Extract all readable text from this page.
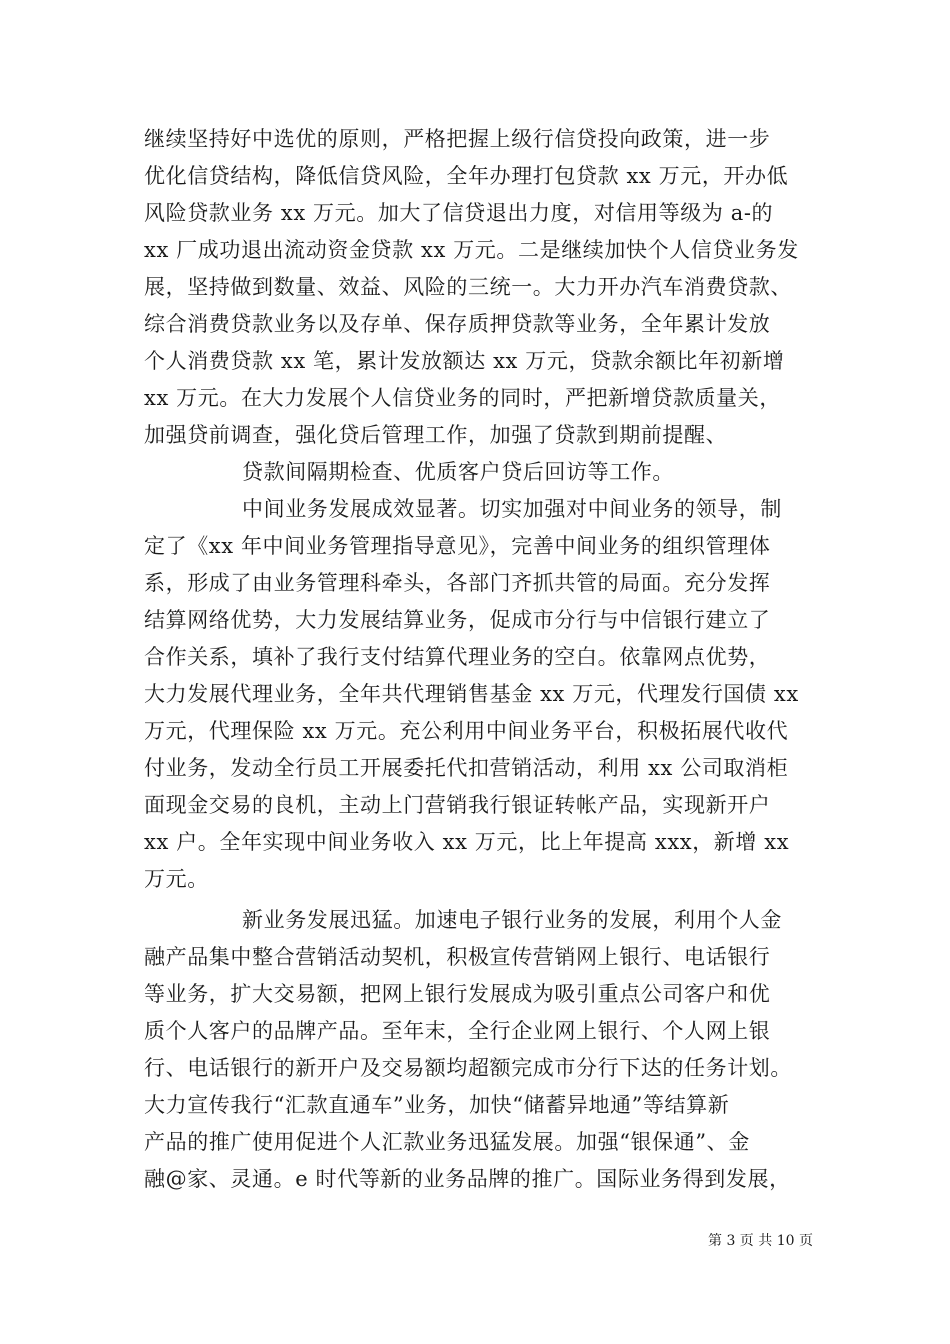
继续坚持好中选优的原则，严格把握上级行信贷投向政策，进一步
优化信贷结构，降低信贷风险，全年办理打包贷款 xx 万元，开办低
风险贷款业务 xx 万元。加大了信贷退出力度，对信用等级为 a-的
xx 厂成功退出流动资金贷款 xx 万元。二是继续加快个人信贷业务发
展，坚持做到数量、效益、风险的三统一。大力开办汽车消费贷款、
综合消费贷款业务以及存单、保存质押贷款等业务，全年累计发放
个人消费贷款 xx 笔，累计发放额达 xx 万元，贷款余额比年初新增
xx 万元。在大力发展个人信贷业务的同时，严把新增贷款质量关，
加强贷前调查，强化贷后管理工作，加强了贷款到期前提醒、
贷款间隔期检查、优质客户贷后回访等工作。
中间业务发展成效显著。切实加强对中间业务的领导，制
定了《xx 年中间业务管理指导意见》，完善中间业务的组织管理体
系，形成了由业务管理科牵头，各部门齐抓共管的局面。充分发挥
结算网络优势，大力发展结算业务，促成市分行与中信银行建立了
合作关系，填补了我行支付结算代理业务的空白。依靠网点优势，
大力发展代理业务，全年共代理销售基金 xx 万元，代理发行国债 xx
万元，代理保险 xx 万元。充公利用中间业务平台，积极拓展代收代
付业务，发动全行员工开展委托代扣营销活动，利用 xx 公司取消柜
面现金交易的良机，主动上门营销我行银证转帐产品，实现新开户
xx 户。全年实现中间业务收入 xx 万元，比上年提高 xxx，新增 xx
万元。
新业务发展迅猛。加速电子银行业务的发展，利用个人金
融产品集中整合营销活动契机，积极宣传营销网上银行、电话银行
等业务，扩大交易额，把网上银行发展成为吸引重点公司客户和优
质个人客户的品牌产品。至年末，全行企业网上银行、个人网上银
行、电话银行的新开户及交易额均超额完成市分行下达的任务计划。
大力宣传我行“汇款直通车”业务，加快“储蓄异地通”等结算新
产品的推广使用促进个人汇款业务迅猛发展。加强“银保通”、金
融@家、灵通。e 时代等新的业务品牌的推广。国际业务得到发展，
第 3 页 共 10 页
